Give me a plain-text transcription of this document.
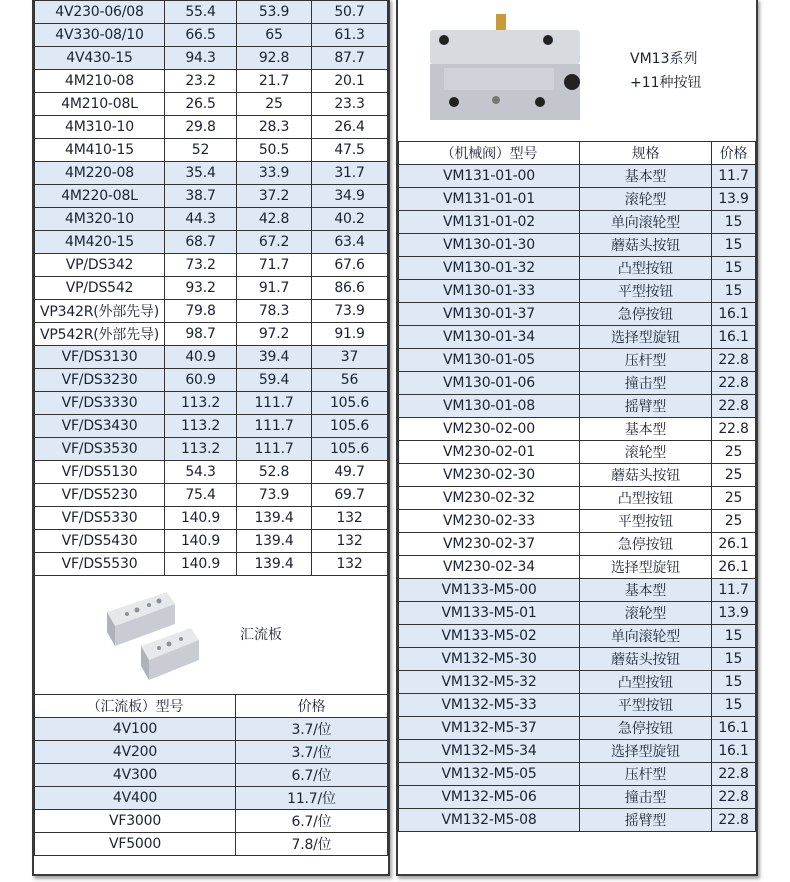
4V230-06/08	55.4	53.9	50.7
4V330-08/10	66.5	65	61.3
4V430-15	94.3	92.8	87.7
4M210-08	23.2	21.7	20.1
4M210-08L	26.5	25	23.3
4M310-10	29.8	28.3	26.4
4M410-15	52	50.5	47.5
4M220-08	35.4	33.9	31.7
4M220-08L	38.7	37.2	34.9
4M320-10	44.3	42.8	40.2
4M420-15	68.7	67.2	63.4
VP/DS342	73.2	71.7	67.6
VP/DS542	93.2	91.7	86.6
VP342R(外部先导)	79.8	78.3	73.9
VP542R(外部先导)	98.7	97.2	91.9
VF/DS3130	40.9	39.4	37
VF/DS3230	60.9	59.4	56
VF/DS3330	113.2	111.7	105.6
VF/DS3430	113.2	111.7	105.6
VF/DS3530	113.2	111.7	105.6
VF/DS5130	54.3	52.8	49.7
VF/DS5230	75.4	73.9	69.7
VF/DS5330	140.9	139.4	132
VF/DS5430	140.9	139.4	132
VF/DS5530	140.9	139.4	132
汇流板
（汇流板）型号	价格
4V100	3.7/位
4V200	3.7/位
4V300	6.7/位
4V400	11.7/位
VF3000	6.7/位
VF5000	7.8/位
VM13系列
+11种按钮
（机械阀）型号	规格	价格
VM131-01-00	基本型	11.7
VM131-01-01	滚轮型	13.9
VM131-01-02	单向滚轮型	15
VM130-01-30	蘑菇头按钮	15
VM130-01-32	凸型按钮	15
VM130-01-33	平型按钮	15
VM130-01-37	急停按钮	16.1
VM130-01-34	选择型旋钮	16.1
VM130-01-05	压杆型	22.8
VM130-01-06	撞击型	22.8
VM130-01-08	摇臂型	22.8
VM230-02-00	基本型	22.8
VM230-02-01	滚轮型	25
VM230-02-30	蘑菇头按钮	25
VM230-02-32	凸型按钮	25
VM230-02-33	平型按钮	25
VM230-02-37	急停按钮	26.1
VM230-02-34	选择型旋钮	26.1
VM133-M5-00	基本型	11.7
VM133-M5-01	滚轮型	13.9
VM133-M5-02	单向滚轮型	15
VM132-M5-30	蘑菇头按钮	15
VM132-M5-32	凸型按钮	15
VM132-M5-33	平型按钮	15
VM132-M5-37	急停按钮	16.1
VM132-M5-34	选择型旋钮	16.1
VM132-M5-05	压杆型	22.8
VM132-M5-06	撞击型	22.8
VM132-M5-08	摇臂型	22.8
